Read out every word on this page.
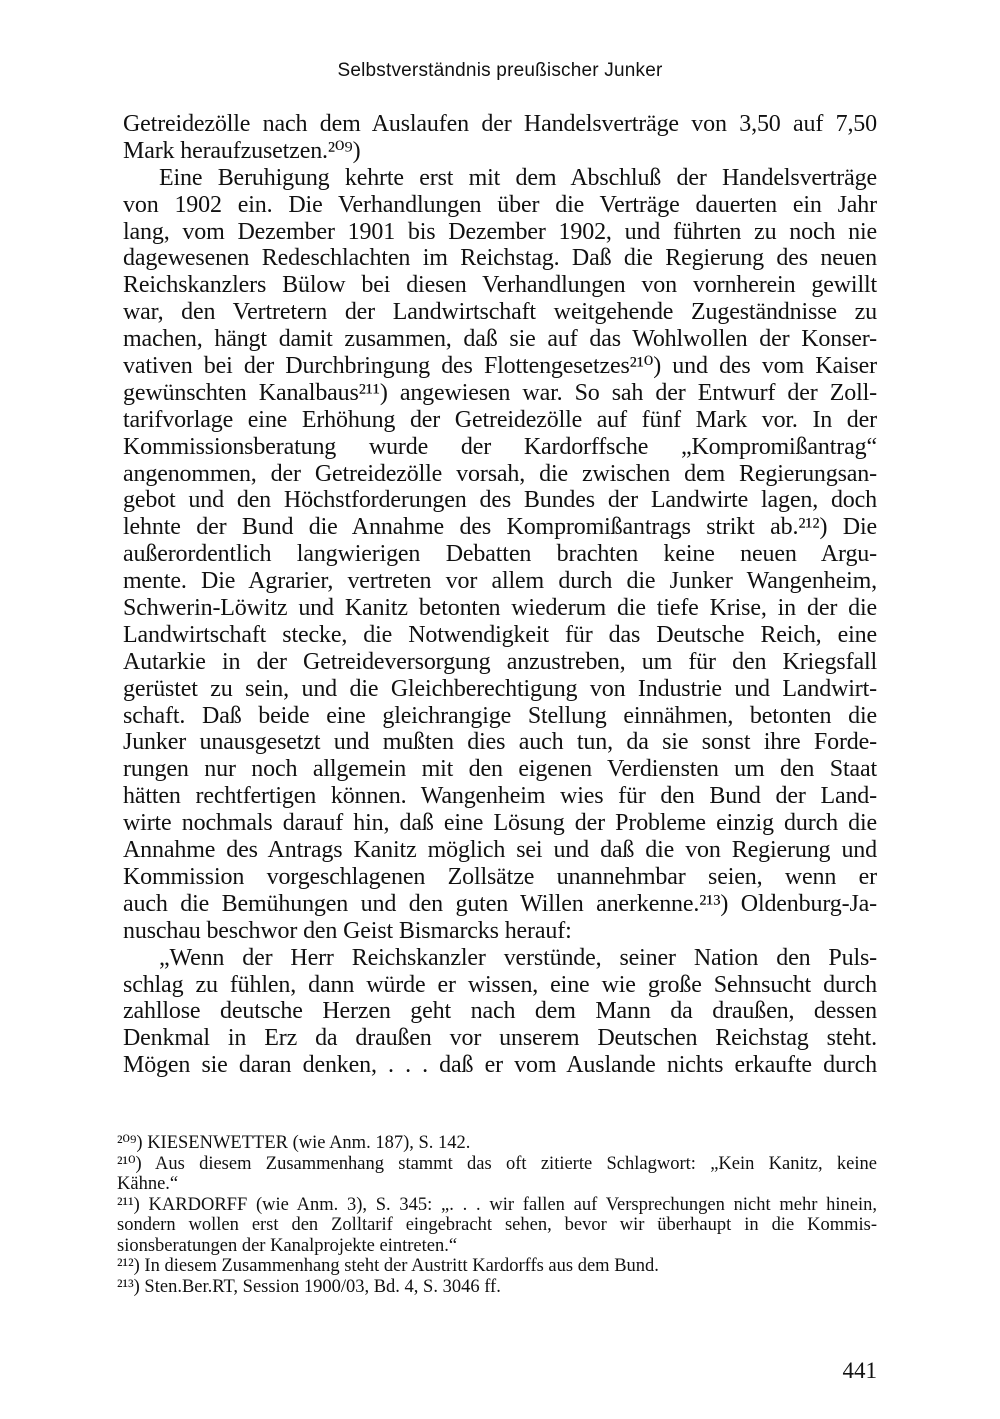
Selbstverständnis preußischer Junker
Getreidezölle nach dem Auslaufen der Handelsverträge von 3,50 auf 7,50
Mark heraufzusetzen.²⁰⁹)
Eine Beruhigung kehrte erst mit dem Abschluß der Handelsverträge
von 1902 ein. Die Verhandlungen über die Verträge dauerten ein Jahr
lang, vom Dezember 1901 bis Dezember 1902, und führten zu noch nie
dagewesenen Redeschlachten im Reichstag. Daß die Regierung des neuen
Reichskanzlers Bülow bei diesen Verhandlungen von vornherein gewillt
war, den Vertretern der Landwirtschaft weitgehende Zugeständnisse zu
machen, hängt damit zusammen, daß sie auf das Wohlwollen der Konser-
vativen bei der Durchbringung des Flottengesetzes²¹⁰) und des vom Kaiser
gewünschten Kanalbaus²¹¹) angewiesen war. So sah der Entwurf der Zoll-
tarifvorlage eine Erhöhung der Getreidezölle auf fünf Mark vor. In der
Kommissionsberatung wurde der Kardorffsche „Kompromißantrag“
angenommen, der Getreidezölle vorsah, die zwischen dem Regierungsan-
gebot und den Höchstforderungen des Bundes der Landwirte lagen, doch
lehnte der Bund die Annahme des Kompromißantrags strikt ab.²¹²) Die
außerordentlich langwierigen Debatten brachten keine neuen Argu-
mente. Die Agrarier, vertreten vor allem durch die Junker Wangenheim,
Schwerin-Löwitz und Kanitz betonten wiederum die tiefe Krise, in der die
Landwirtschaft stecke, die Notwendigkeit für das Deutsche Reich, eine
Autarkie in der Getreideversorgung anzustreben, um für den Kriegsfall
gerüstet zu sein, und die Gleichberechtigung von Industrie und Landwirt-
schaft. Daß beide eine gleichrangige Stellung einnähmen, betonten die
Junker unausgesetzt und mußten dies auch tun, da sie sonst ihre Forde-
rungen nur noch allgemein mit den eigenen Verdiensten um den Staat
hätten rechtfertigen können. Wangenheim wies für den Bund der Land-
wirte nochmals darauf hin, daß eine Lösung der Probleme einzig durch die
Annahme des Antrags Kanitz möglich sei und daß die von Regierung und
Kommission vorgeschlagenen Zollsätze unannehmbar seien, wenn er
auch die Bemühungen und den guten Willen anerkenne.²¹³) Oldenburg-Ja-
nuschau beschwor den Geist Bismarcks herauf:
„Wenn der Herr Reichskanzler verstünde, seiner Nation den Puls-
schlag zu fühlen, dann würde er wissen, eine wie große Sehnsucht durch
zahllose deutsche Herzen geht nach dem Mann da draußen, dessen
Denkmal in Erz da draußen vor unserem Deutschen Reichstag steht.
Mögen sie daran denken, . . . daß er vom Auslande nichts erkaufte durch
²⁰⁹) KIESENWETTER (wie Anm. 187), S. 142.
²¹⁰) Aus diesem Zusammenhang stammt das oft zitierte Schlagwort: „Kein Kanitz, keine
Kähne.“
²¹¹) KARDORFF (wie Anm. 3), S. 345: „. . . wir fallen auf Versprechungen nicht mehr hinein,
sondern wollen erst den Zolltarif eingebracht sehen, bevor wir überhaupt in die Kommis-
sionsberatungen der Kanalprojekte eintreten.“
²¹²) In diesem Zusammenhang steht der Austritt Kardorffs aus dem Bund.
²¹³) Sten.Ber.RT, Session 1900/03, Bd. 4, S. 3046 ff.
441
